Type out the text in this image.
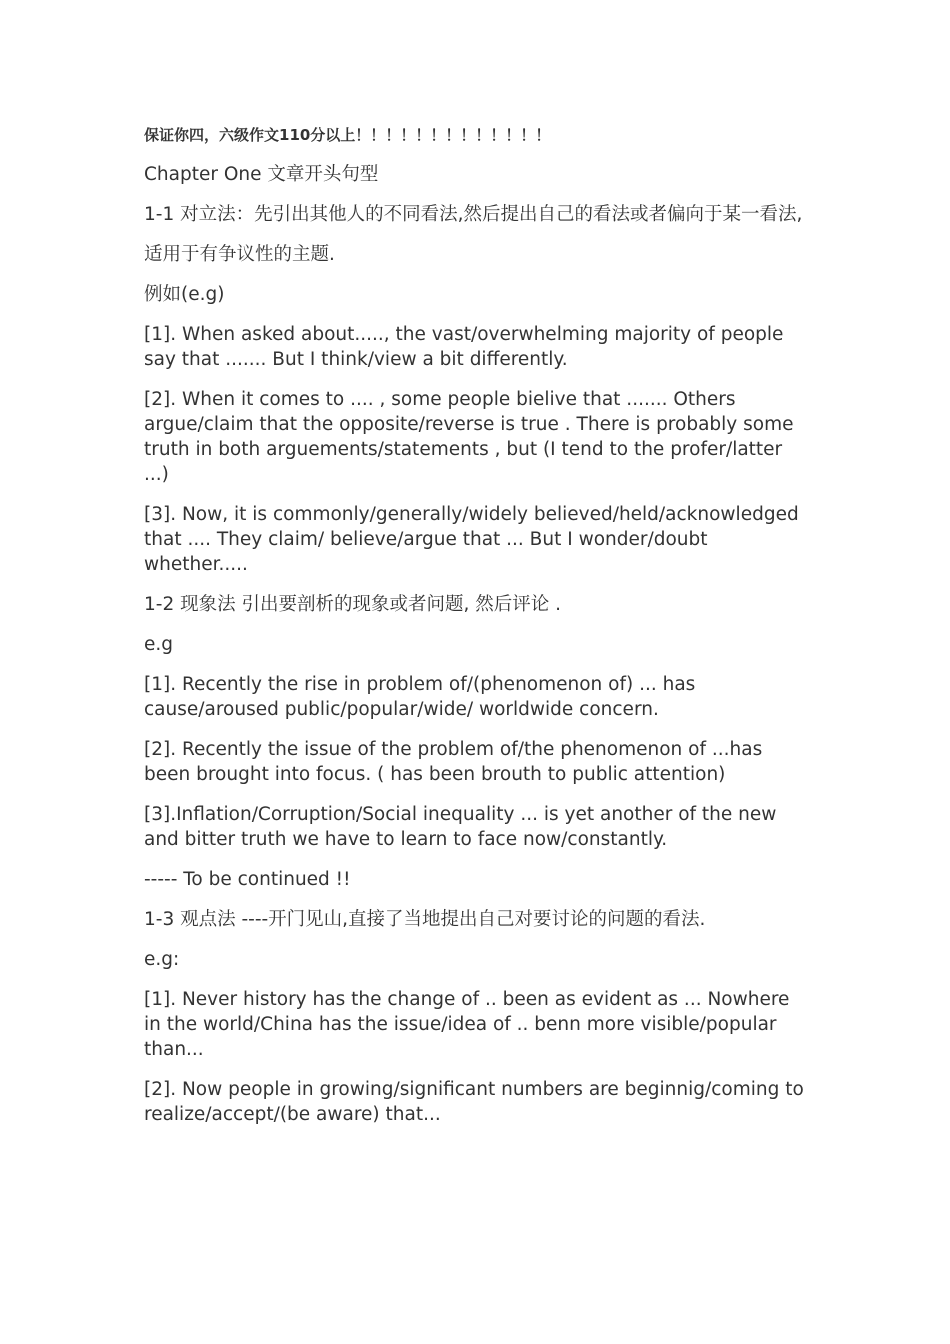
保证你四，六级作文110分以上！！！！！！！！！！！！！

Chapter One 文章开头句型

1-1 对立法：先引出其他人的不同看法,然后提出自己的看法或者偏向于某一看法,

适用于有争议性的主题.

例如(e.g)

[1]. When asked about....., the vast/overwhelming majority of people say that ....... But I think/view a bit differently.

[2]. When it comes to .... , some people bielive that ....... Others argue/claim that the opposite/reverse is true . There is probably some truth in both arguements/statements , but (I tend to the profer/latter ...)

[3]. Now, it is commonly/generally/widely believed/held/acknowledged that .... They claim/ believe/argue that ... But I wonder/doubt whether.....

1-2 现象法 引出要剖析的现象或者问题, 然后评论 .

e.g

[1]. Recently the rise in problem of/(phenomenon of) ... has cause/aroused public/popular/wide/ worldwide concern.

[2]. Recently the issue of the problem of/the phenomenon of ...has been brought into focus. ( has been brouth to public attention)

[3].Inflation/Corruption/Social inequality ... is yet another of the new and bitter truth we have to learn to face now/constantly.

----- To be continued !!

1-3 观点法 ----开门见山,直接了当地提出自己对要讨论的问题的看法.

e.g:

[1]. Never history has the change of .. been as evident as ... Nowhere in the world/China has the issue/idea of .. benn more visible/popular than...

[2]. Now people in growing/significant numbers are beginnig/coming to realize/accept/(be aware) that...
